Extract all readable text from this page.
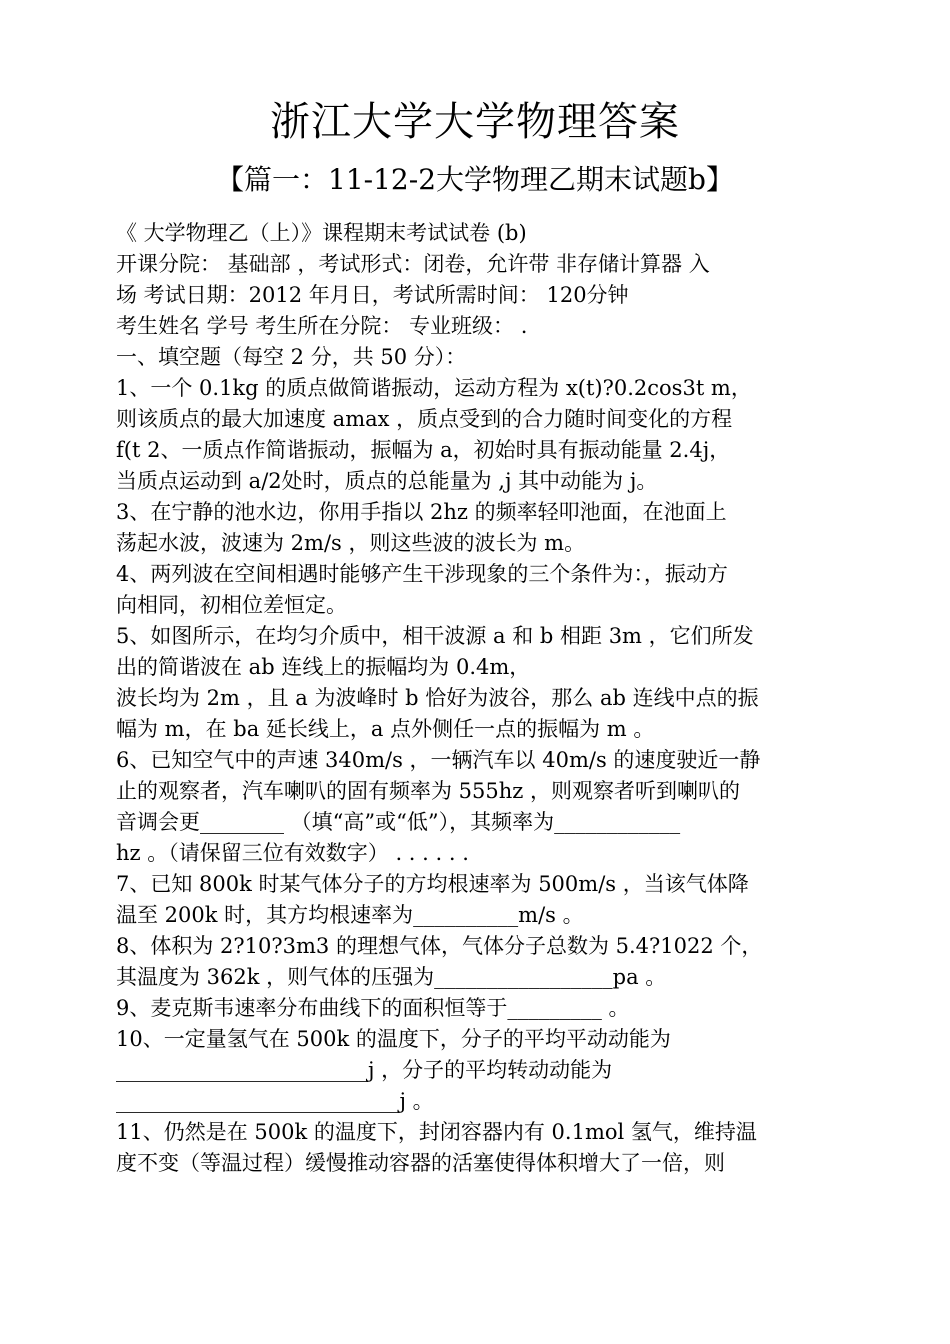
浙江大学大学物理答案
【篇一：11-12-2大学物理乙期末试题b】
《 大学物理乙（上）》课程期末考试试卷 (b)
开课分院： 基础部 ，考试形式：闭卷，允许带 非存储计算器 入
场 考试日期：2012 年月日，考试所需时间： 120分钟
考生姓名 学号 考生所在分院： 专业班级： .
一、填空题（每空 2 分，共 50 分）：
1、一个 0.1kg 的质点做简谐振动，运动方程为 x(t)?0.2cos3t m，
则该质点的最大加速度 amax ，质点受到的合力随时间变化的方程
f(t 2、一质点作简谐振动，振幅为 a，初始时具有振动能量 2.4j，
当质点运动到 a/2处时，质点的总能量为 ,j 其中动能为 j。
3、在宁静的池水边，你用手指以 2hz 的频率轻叩池面，在池面上
荡起水波，波速为 2m/s ，则这些波的波长为 m。
4、两列波在空间相遇时能够产生干涉现象的三个条件为：，振动方
向相同，初相位差恒定。
5、如图所示，在均匀介质中，相干波源 a 和 b 相距 3m ，它们所发
出的简谐波在 ab 连线上的振幅均为 0.4m，
波长均为 2m ，且 a 为波峰时 b 恰好为波谷，那么 ab 连线中点的振
幅为 m，在 ba 延长线上，a 点外侧任一点的振幅为 m 。
6、已知空气中的声速 340m/s ，一辆汽车以 40m/s 的速度驶近一静
止的观察者，汽车喇叭的固有频率为 555hz ，则观察者听到喇叭的
音调会更________ （填“高”或“低”），其频率为____________
hz 。（请保留三位有效数字） . . . . . .
7、已知 800k 时某气体分子的方均根速率为 500m/s ，当该气体降
温至 200k 时，其方均根速率为__________m/s 。
8、体积为 2?10?3m3 的理想气体，气体分子总数为 5.4?1022 个，
其温度为 362k ，则气体的压强为_________________pa 。
9、麦克斯韦速率分布曲线下的面积恒等于_________ 。
10、一定量氢气在 500k 的温度下，分子的平均平动动能为
________________________j ，分子的平均转动动能为
___________________________j 。
11、仍然是在 500k 的温度下，封闭容器内有 0.1mol 氢气，维持温
度不变（等温过程）缓慢推动容器的活塞使得体积增大了一倍，则
